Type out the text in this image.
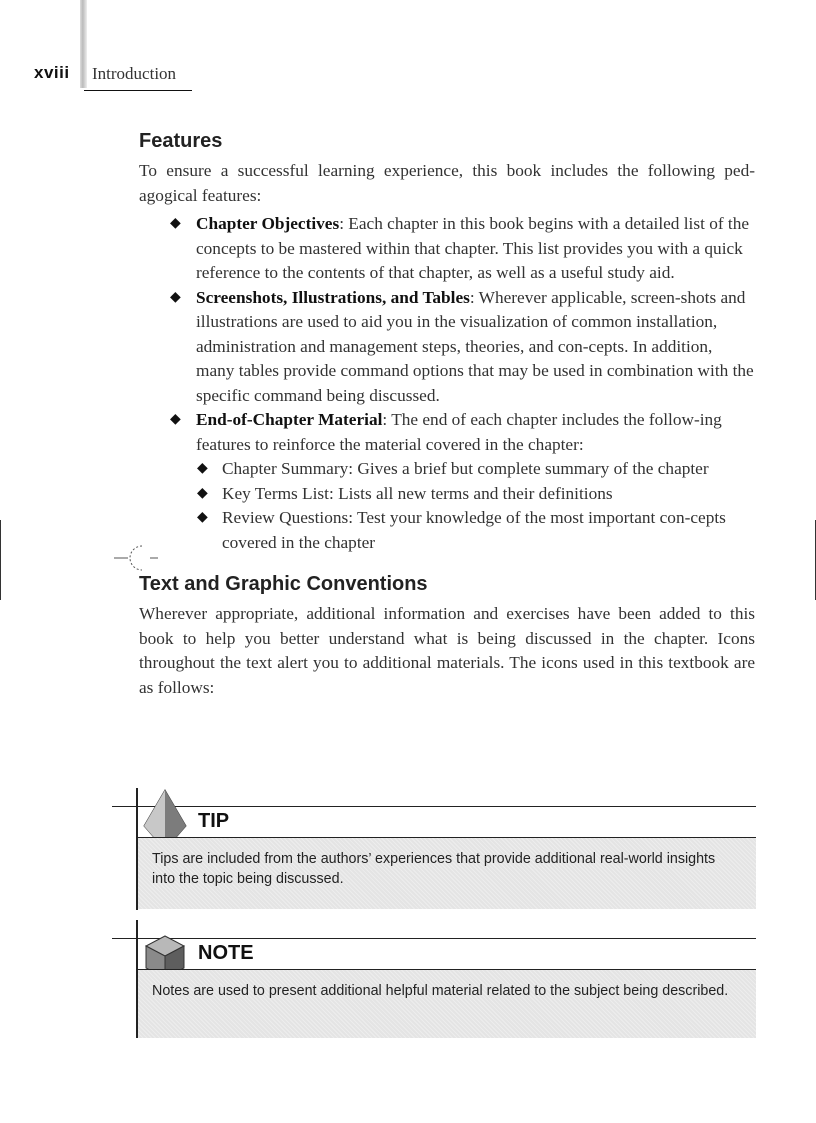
xviii Introduction
Features

To ensure a successful learning experience, this book includes the following ped-agogical features:

◆ Chapter Objectives: Each chapter in this book begins with a detailed list of the concepts to be mastered within that chapter. This list provides you with a quick reference to the contents of that chapter, as well as a useful study aid.
◆ Screenshots, Illustrations, and Tables: Wherever applicable, screen-shots and illustrations are used to aid you in the visualization of common installation, administration and management steps, theories, and con-cepts. In addition, many tables provide command options that may be used in combination with the specific command being discussed.
◆ End-of-Chapter Material: The end of each chapter includes the follow-ing features to reinforce the material covered in the chapter:
◆ Chapter Summary: Gives a brief but complete summary of the chapter
◆ Key Terms List: Lists all new terms and their definitions
◆ Review Questions: Test your knowledge of the most important con-cepts covered in the chapter
Text and Graphic Conventions

Wherever appropriate, additional information and exercises have been added to this book to help you better understand what is being discussed in the chapter. Icons throughout the text alert you to additional materials. The icons used in this textbook are as follows:

TIP

Tips are included from the authors’ experiences that provide additional real-world insights into the topic being discussed.

NOTE

Notes are used to present additional helpful material related to the subject being described.
